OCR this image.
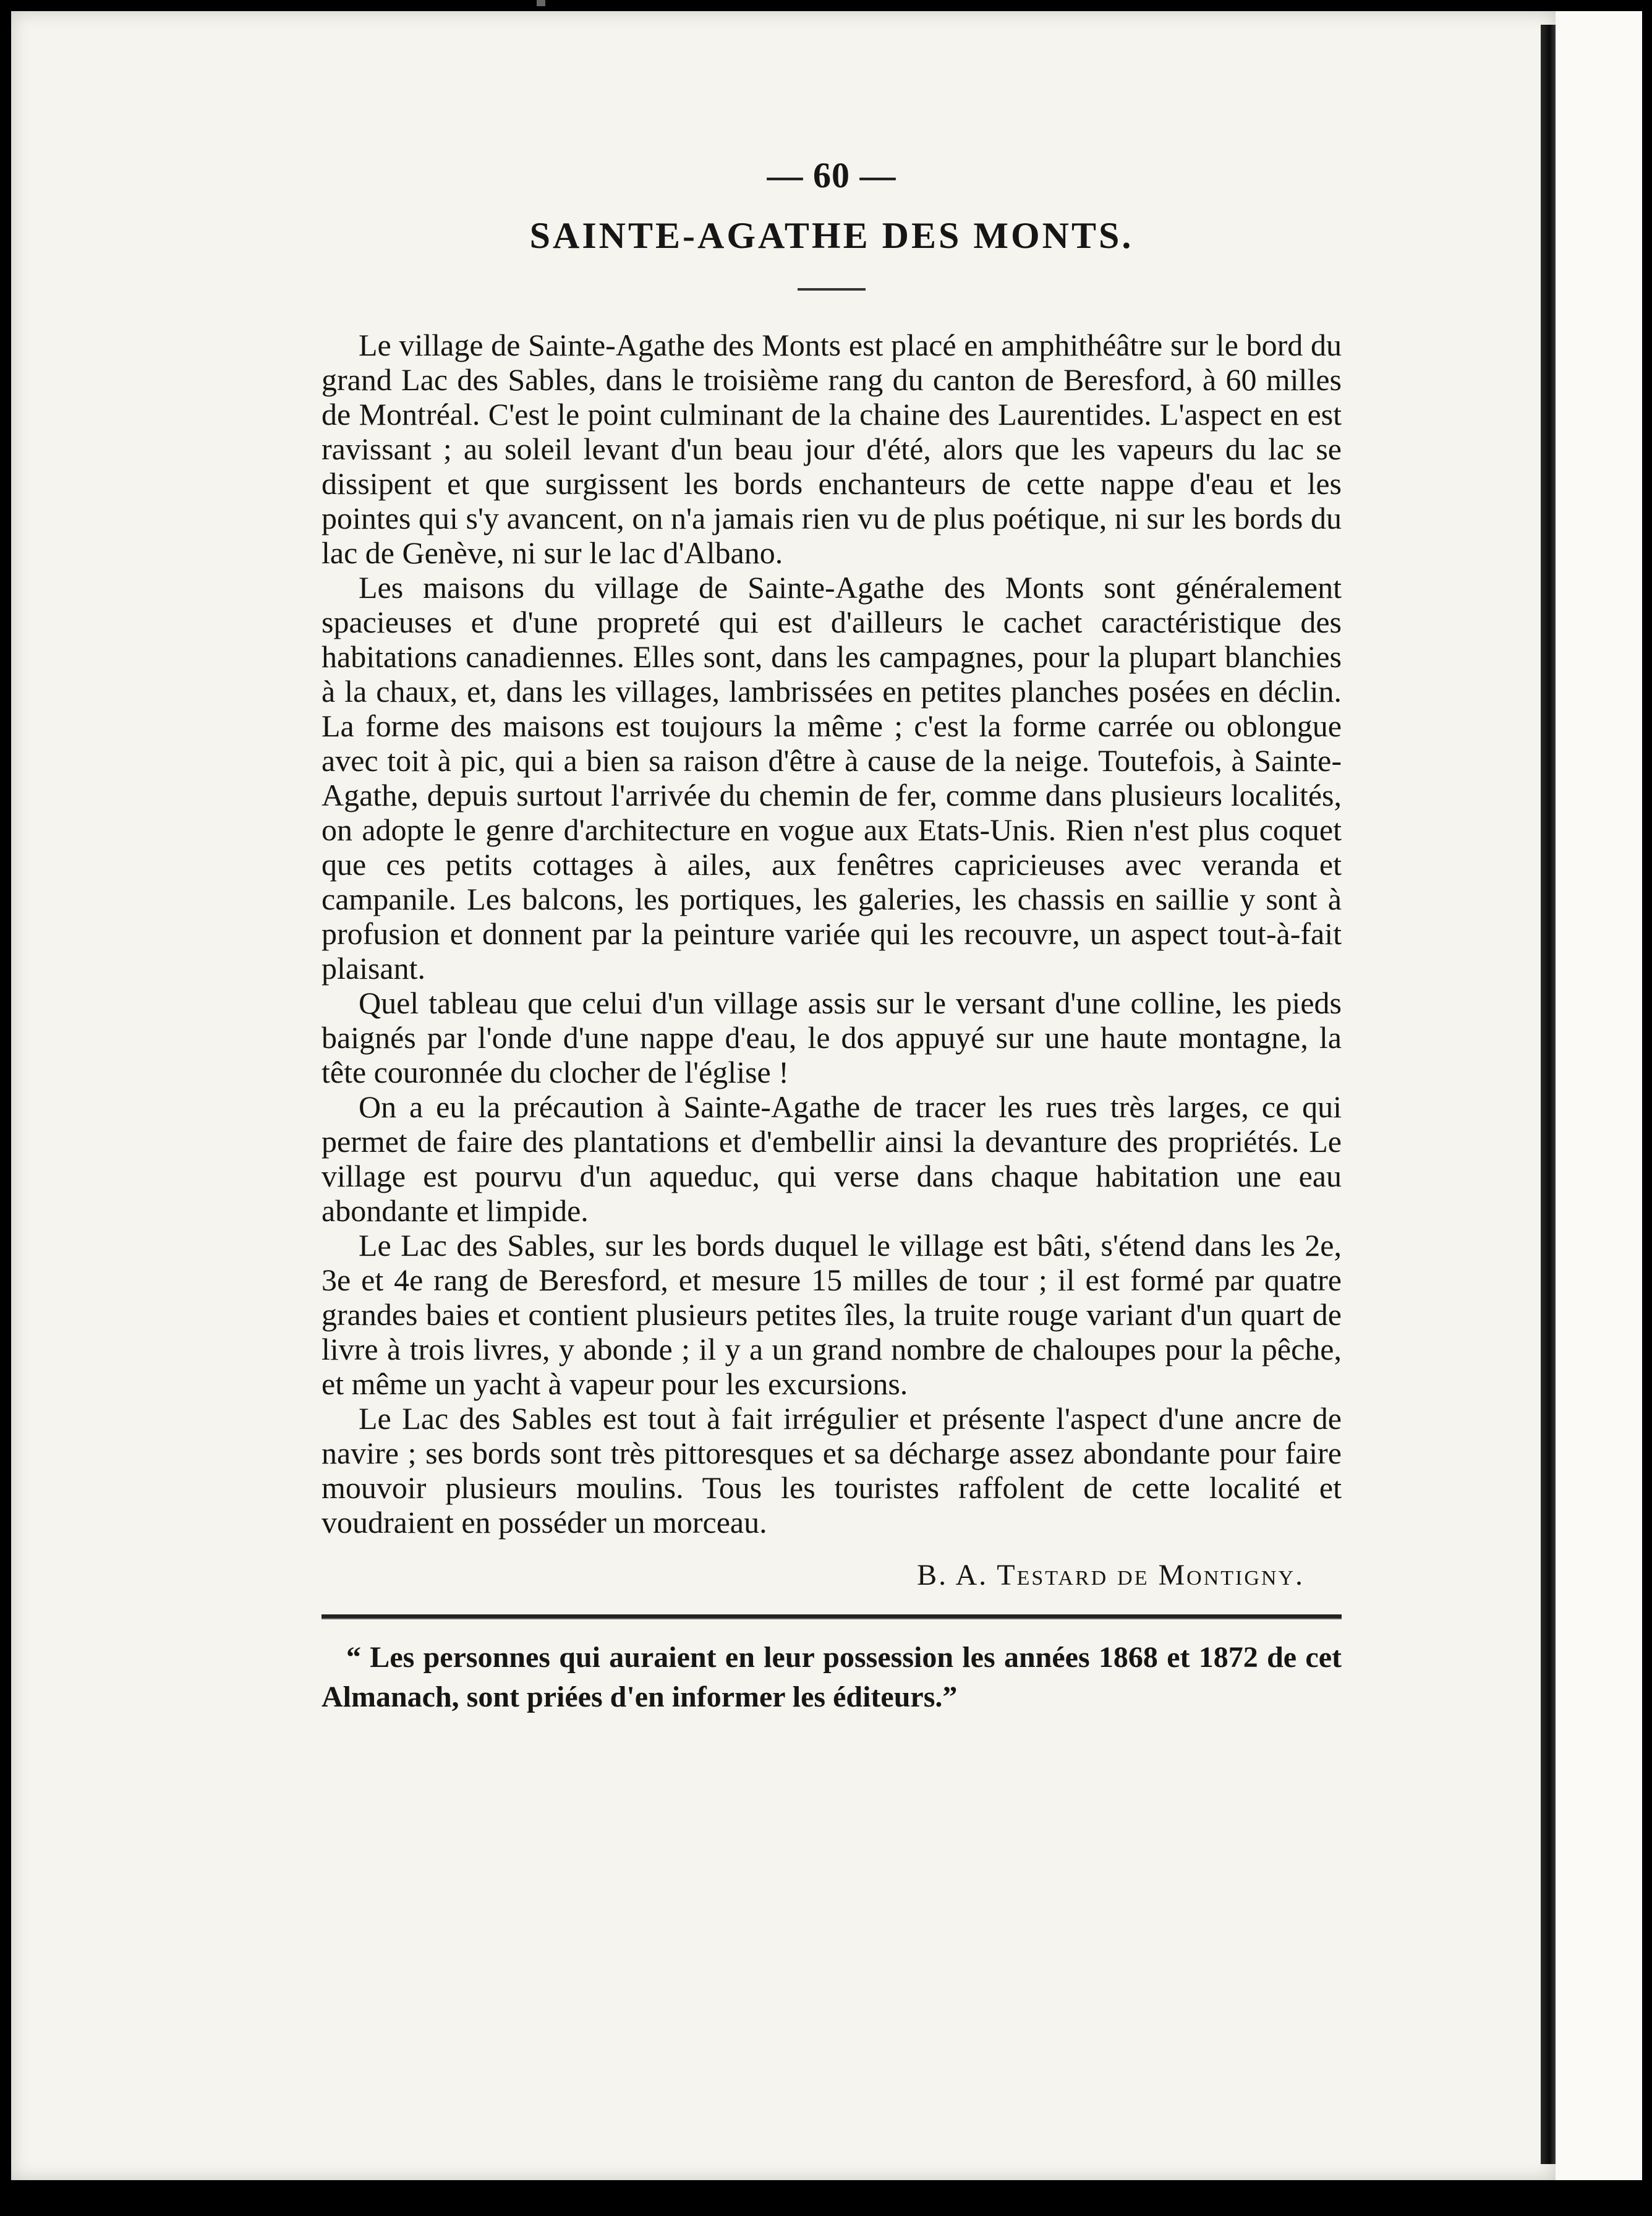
— 60 —
SAINTE-AGATHE DES MONTS.

Le village de Sainte-Agathe des Monts est placé en amphithéâtre sur le bord du grand Lac des Sables, dans le troisième rang du canton de Beresford, à 60 milles de Montréal. C'est le point culminant de la chaine des Laurentides. L'aspect en est ravissant ; au soleil levant d'un beau jour d'été, alors que les vapeurs du lac se dissipent et que surgissent les bords enchanteurs de cette nappe d'eau et les pointes qui s'y avancent, on n'a jamais rien vu de plus poétique, ni sur les bords du lac de Genève, ni sur le lac d'Albano.

Les maisons du village de Sainte-Agathe des Monts sont généralement spacieuses et d'une propreté qui est d'ailleurs le cachet caractéristique des habitations canadiennes. Elles sont, dans les campagnes, pour la plupart blanchies à la chaux, et, dans les villages, lambrissées en petites planches posées en déclin. La forme des maisons est toujours la même ; c'est la forme carrée ou oblongue avec toit à pic, qui a bien sa raison d'être à cause de la neige. Toutefois, à Sainte-Agathe, depuis surtout l'arrivée du chemin de fer, comme dans plusieurs localités, on adopte le genre d'architecture en vogue aux Etats-Unis. Rien n'est plus coquet que ces petits cottages à ailes, aux fenêtres capricieuses avec veranda et campanile. Les balcons, les portiques, les galeries, les chassis en saillie y sont à profusion et donnent par la peinture variée qui les recouvre, un aspect tout-à-fait plaisant.

Quel tableau que celui d'un village assis sur le versant d'une colline, les pieds baignés par l'onde d'une nappe d'eau, le dos appuyé sur une haute montagne, la tête couronnée du clocher de l'église !

On a eu la précaution à Sainte-Agathe de tracer les rues très larges, ce qui permet de faire des plantations et d'embellir ainsi la devanture des propriétés. Le village est pourvu d'un aqueduc, qui verse dans chaque habitation une eau abondante et limpide.

Le Lac des Sables, sur les bords duquel le village est bâti, s'étend dans les 2e, 3e et 4e rang de Beresford, et mesure 15 milles de tour ; il est formé par quatre grandes baies et contient plusieurs petites îles, la truite rouge variant d'un quart de livre à trois livres, y abonde ; il y a un grand nombre de chaloupes pour la pêche, et même un yacht à vapeur pour les excursions.

Le Lac des Sables est tout à fait irrégulier et présente l'aspect d'une ancre de navire ; ses bords sont très pittoresques et sa décharge assez abondante pour faire mouvoir plusieurs moulins. Tous les touristes raffolent de cette localité et voudraient en posséder un morceau.

B. A. Testard de Montigny.

“ Les personnes qui auraient en leur possession les années 1868 et 1872 de cet Almanach, sont priées d'en informer les éditeurs.”
